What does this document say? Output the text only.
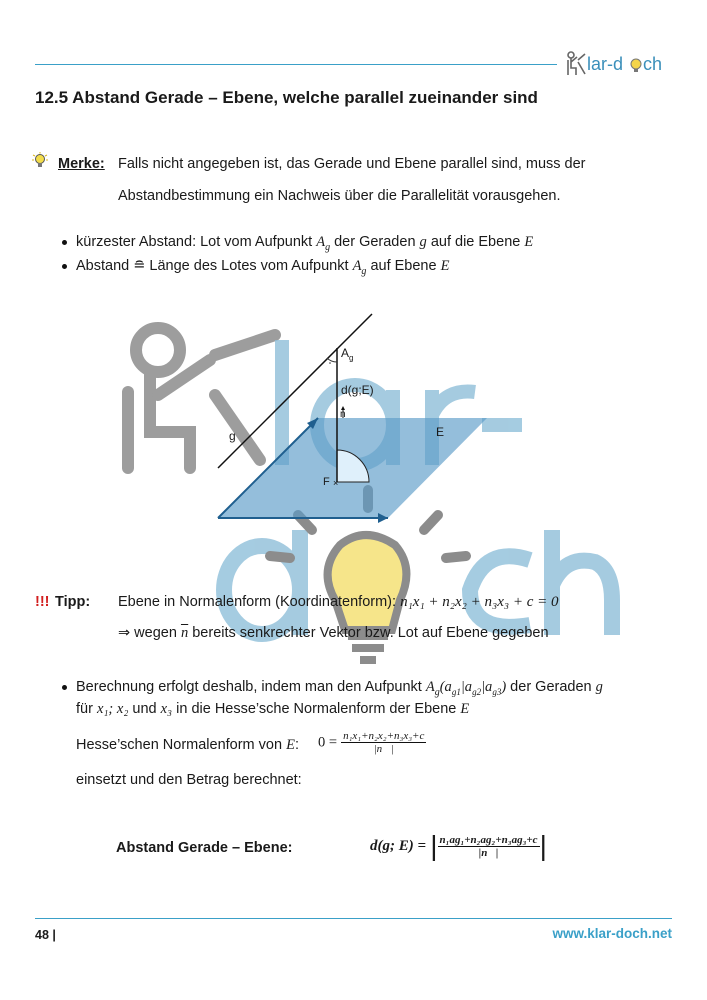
lar-d ch
12.5 Abstand Gerade – Ebene, welche parallel zueinander sind
Merke: Falls nicht angegeben ist, das Gerade und Ebene parallel sind, muss der
Abstandbestimmung ein Nachweis über die Parallelität vorausgehen.
kürzester Abstand: Lot vom Aufpunkt $A_g$ der Geraden g auf die Ebene E
Abstand ≘ Länge des Lotes vom Aufpunkt $A_g$ auf Ebene E
×
$A_g$
d(g;E)
n
g	E
F
!!! Tipp: Ebene in Normalenform (Koordinatenform): n₁x₁ + n₂x₂ + n₃x₃ + c = 0
⇒ wegen $\overline{n}$ bereits senkrechter Vektor bzw. Lot auf Ebene gegeben
Berechnung erfolgt deshalb, indem man den Aufpunkt $A_g(a_{g1}|a_{g2}|a_{g3})$ der Geraden g
für x₁; x₂ und x₃ in die Hesse’sche Normalenform der Ebene E
Hesse’schen Normalenform von E: $0 = \frac{\text{n₁x₁+n₂x₂+n₃x₃+c}}{|n⃗|}$
einsetzt und den Betrag berechnet:
Abstand Gerade – Ebene:	d(g; E) = | $\frac{\text{n₁ag₁+n₂ag₂+n₃ag₃+c}}{|n⃗|}$ |
48 |	www.klar-doch.net
